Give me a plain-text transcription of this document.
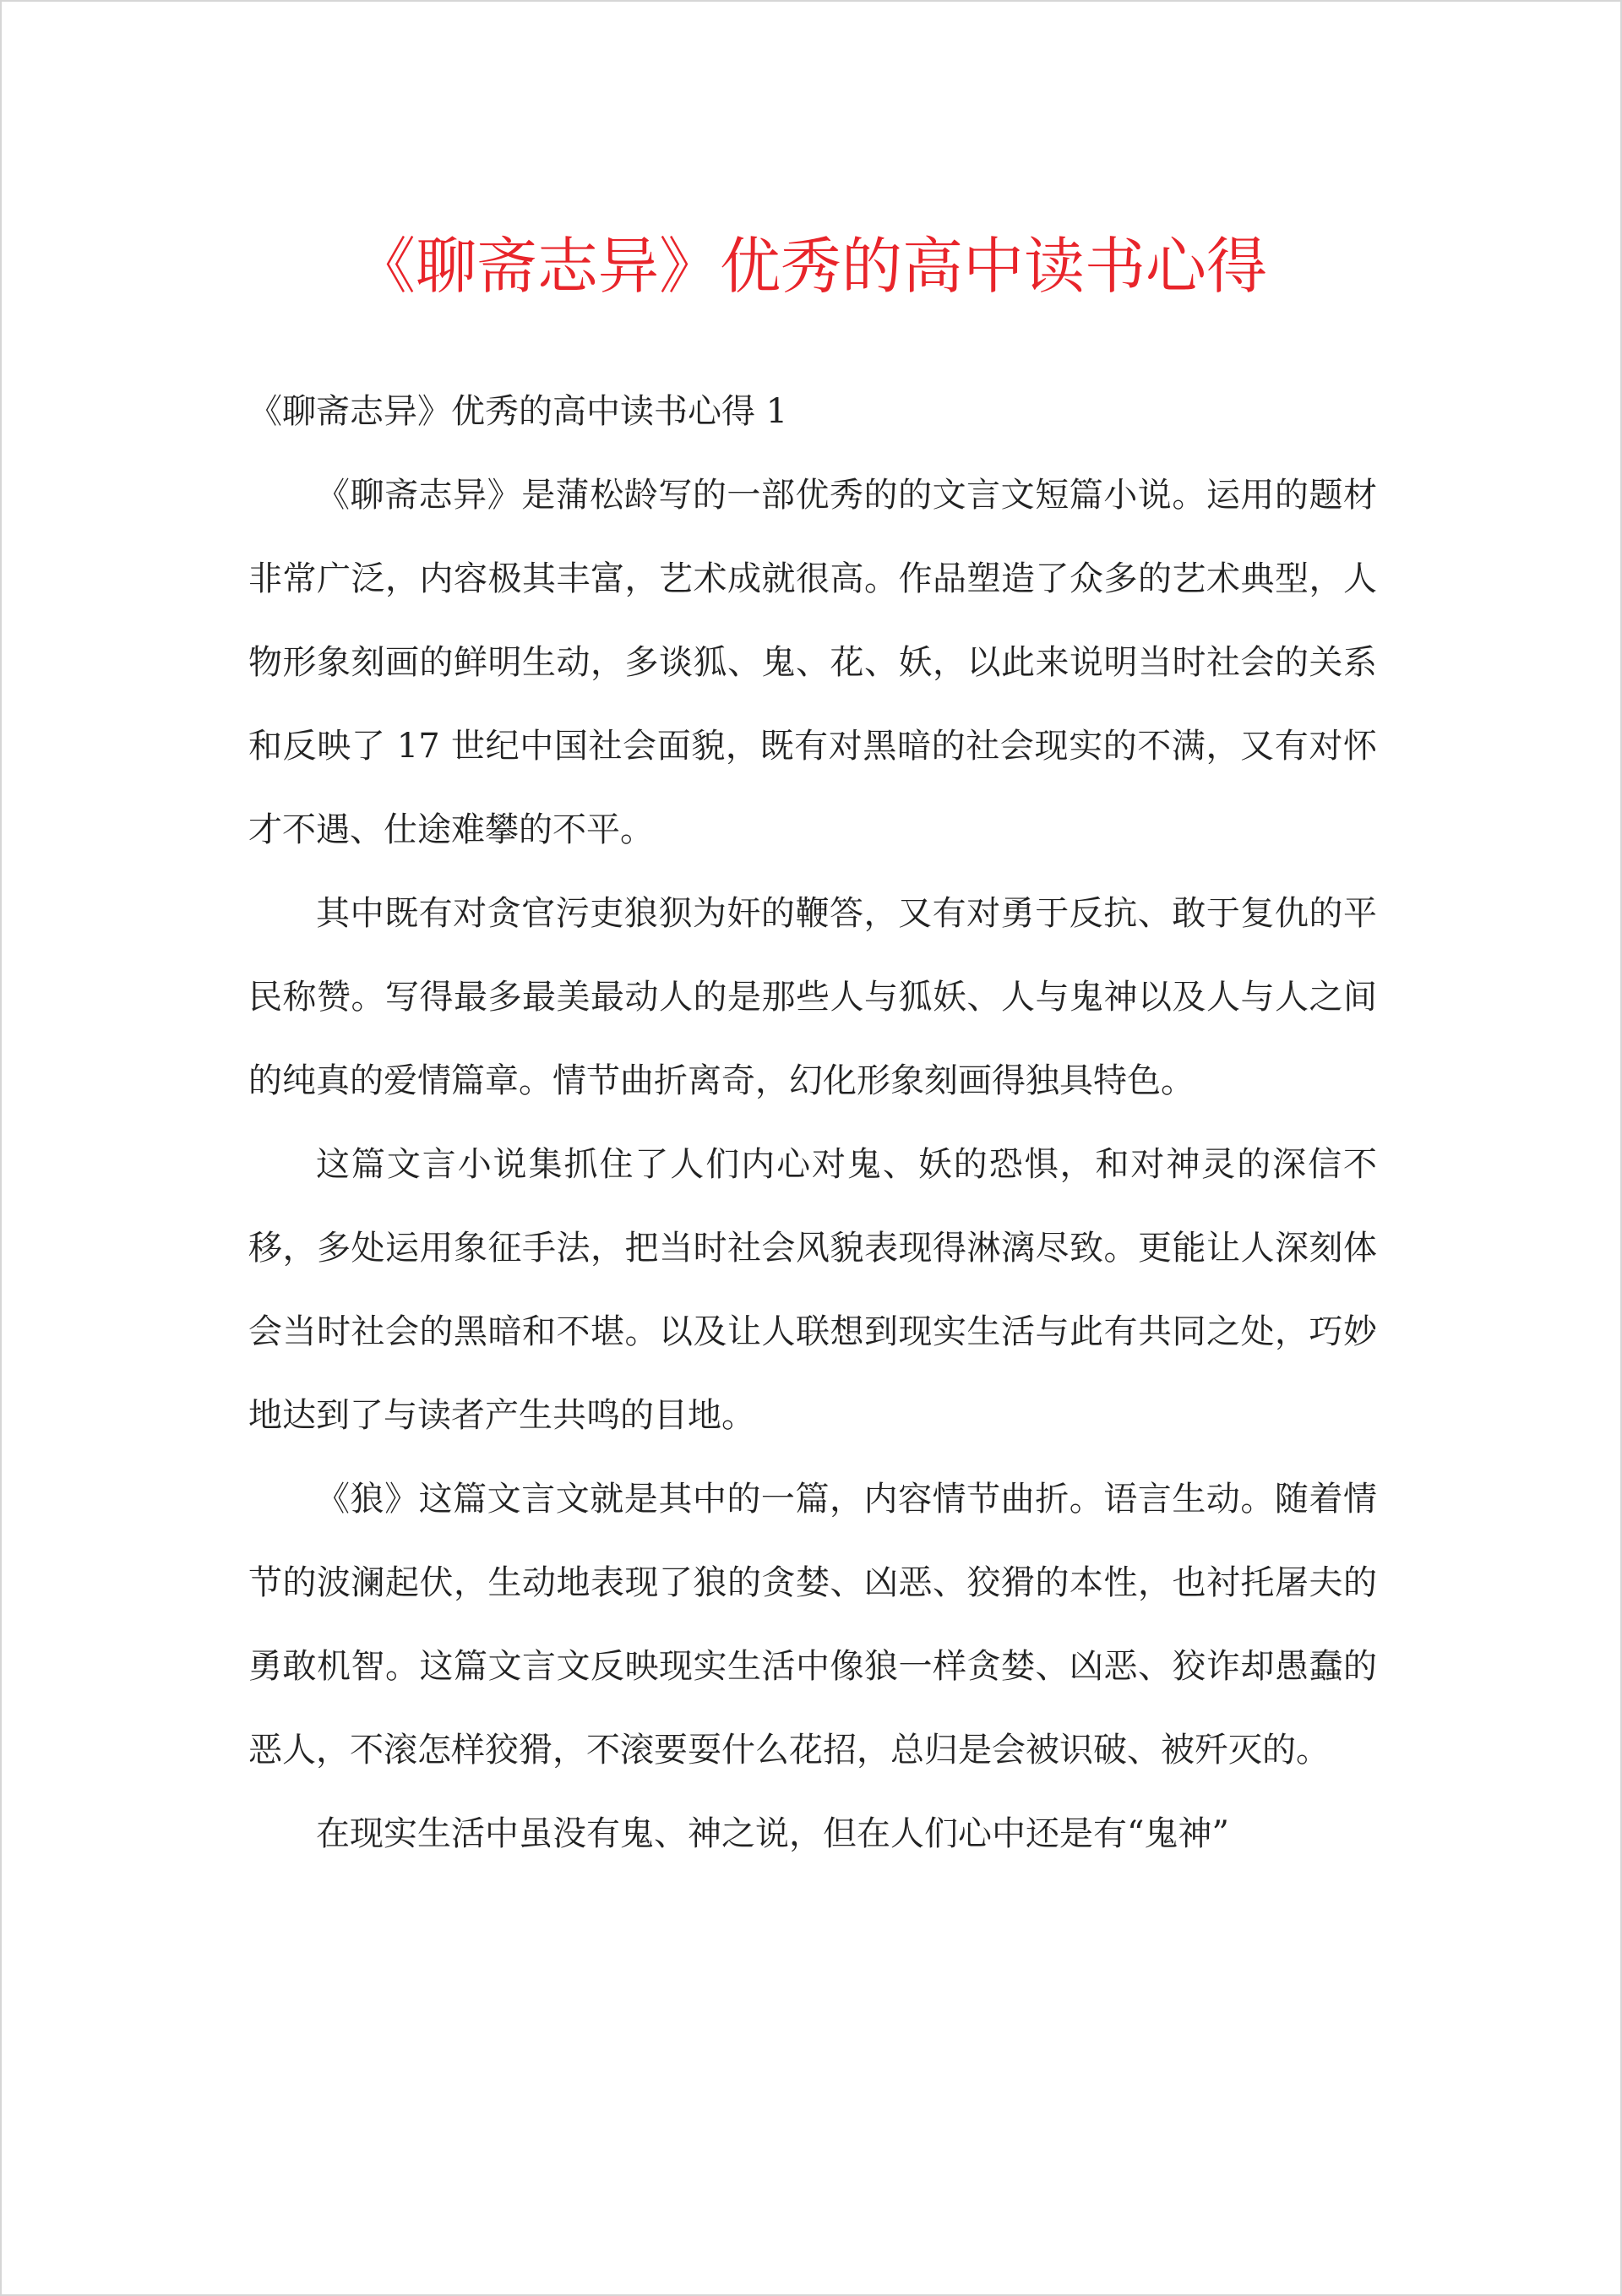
《聊斋志异》优秀的高中读书心得

《聊斋志异》优秀的高中读书心得 1

《聊斋志异》是蒲松龄写的一部优秀的的文言文短篇小说。运用的题材非常广泛，内容极其丰富，艺术成就很高。作品塑造了众多的艺术典型，人物形象刻画的鲜明生动，多谈狐、鬼、花、妖，以此来说明当时社会的关系和反映了 17 世纪中国社会面貌，既有对黑暗的社会现实的不满，又有对怀才不遇、仕途难攀的不平。

其中既有对贪官污吏狼狈为奸的鞭答，又有对勇于反抗、敢于复仇的平民称赞。写得最多最美最动人的是那些人与狐妖、人与鬼神以及人与人之间的纯真的爱情篇章。情节曲折离奇，幻化形象刻画得独具特色。

这篇文言小说集抓住了人们内心对鬼、妖的恐惧，和对神灵的深信不移，多处运用象征手法，把当时社会风貌表现得淋漓尽致。更能让人深刻体会当时社会的黑暗和不堪。以及让人联想到现实生活与此有共同之处，巧妙地达到了与读者产生共鸣的目地。

《狼》这篇文言文就是其中的一篇，内容情节曲折。语言生动。随着情节的波澜起伏，生动地表现了狼的贪婪、凶恶、狡猾的本性，也衬托屠夫的勇敢机智。这篇文言文反映现实生活中像狼一样贪婪、凶恶、狡诈却愚蠢的恶人，不滚怎样狡猾，不滚要耍什么花招，总归是会被识破、被歼灭的。

在现实生活中虽没有鬼、神之说，但在人们心中还是有“鬼神”
